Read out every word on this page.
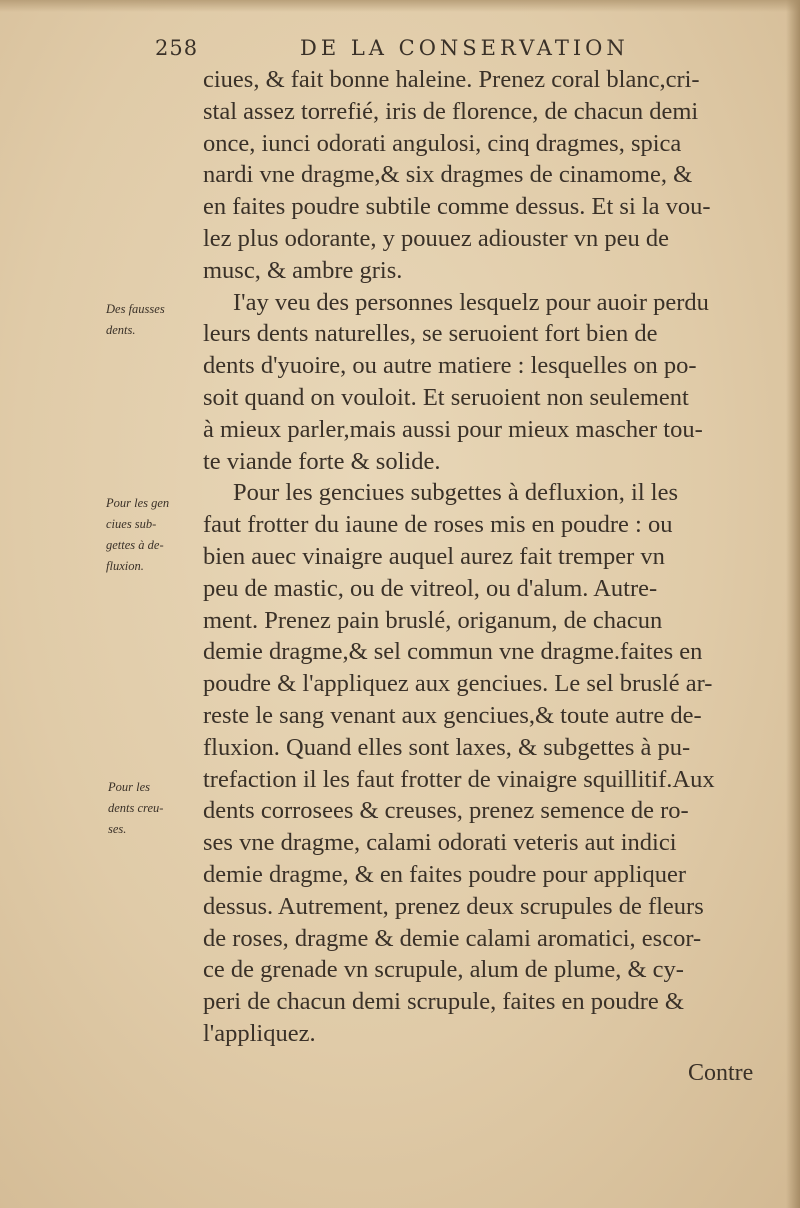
258	DE LA CONSERVATION
Des fausses
dents.
Pour les gen
ciues sub-
gettes à de-
fluxion.
Pour les
dents creu-
ses.
ciues, & fait bonne haleine. Prenez coral blanc,cri-
stal assez torrefié, iris de florence, de chacun demi
once, iunci odorati angulosi, cinq dragmes, spica
nardi vne dragme,& six dragmes de cinamome, &
en faites poudre subtile comme dessus. Et si la vou-
lez plus odorante, y pouuez adiouster vn peu de
musc, & ambre gris.
I'ay veu des personnes lesquelz pour auoir perdu
leurs dents naturelles, se seruoient fort bien de
dents d'yuoire, ou autre matiere : lesquelles on po-
soit quand on vouloit. Et seruoient non seulement
à mieux parler,mais aussi pour mieux mascher tou-
te viande forte & solide.
Pour les genciues subgettes à defluxion, il les
faut frotter du iaune de roses mis en poudre : ou
bien auec vinaigre auquel aurez fait tremper vn
peu de mastic, ou de vitreol, ou d'alum. Autre-
ment. Prenez pain bruslé, origanum, de chacun
demie dragme,& sel commun vne dragme.faites en
poudre & l'appliquez aux genciues. Le sel bruslé ar-
reste le sang venant aux genciues,& toute autre de-
fluxion. Quand elles sont laxes, & subgettes à pu-
trefaction il les faut frotter de vinaigre squillitif.Aux
dents corrosees & creuses, prenez semence de ro-
ses vne dragme, calami odorati veteris aut indici
demie dragme, & en faites poudre pour appliquer
dessus. Autrement, prenez deux scrupules de fleurs
de roses, dragme & demie calami aromatici, escor-
ce de grenade vn scrupule, alum de plume, & cy-
peri de chacun demi scrupule, faites en poudre &
l'appliquez.
Contre
